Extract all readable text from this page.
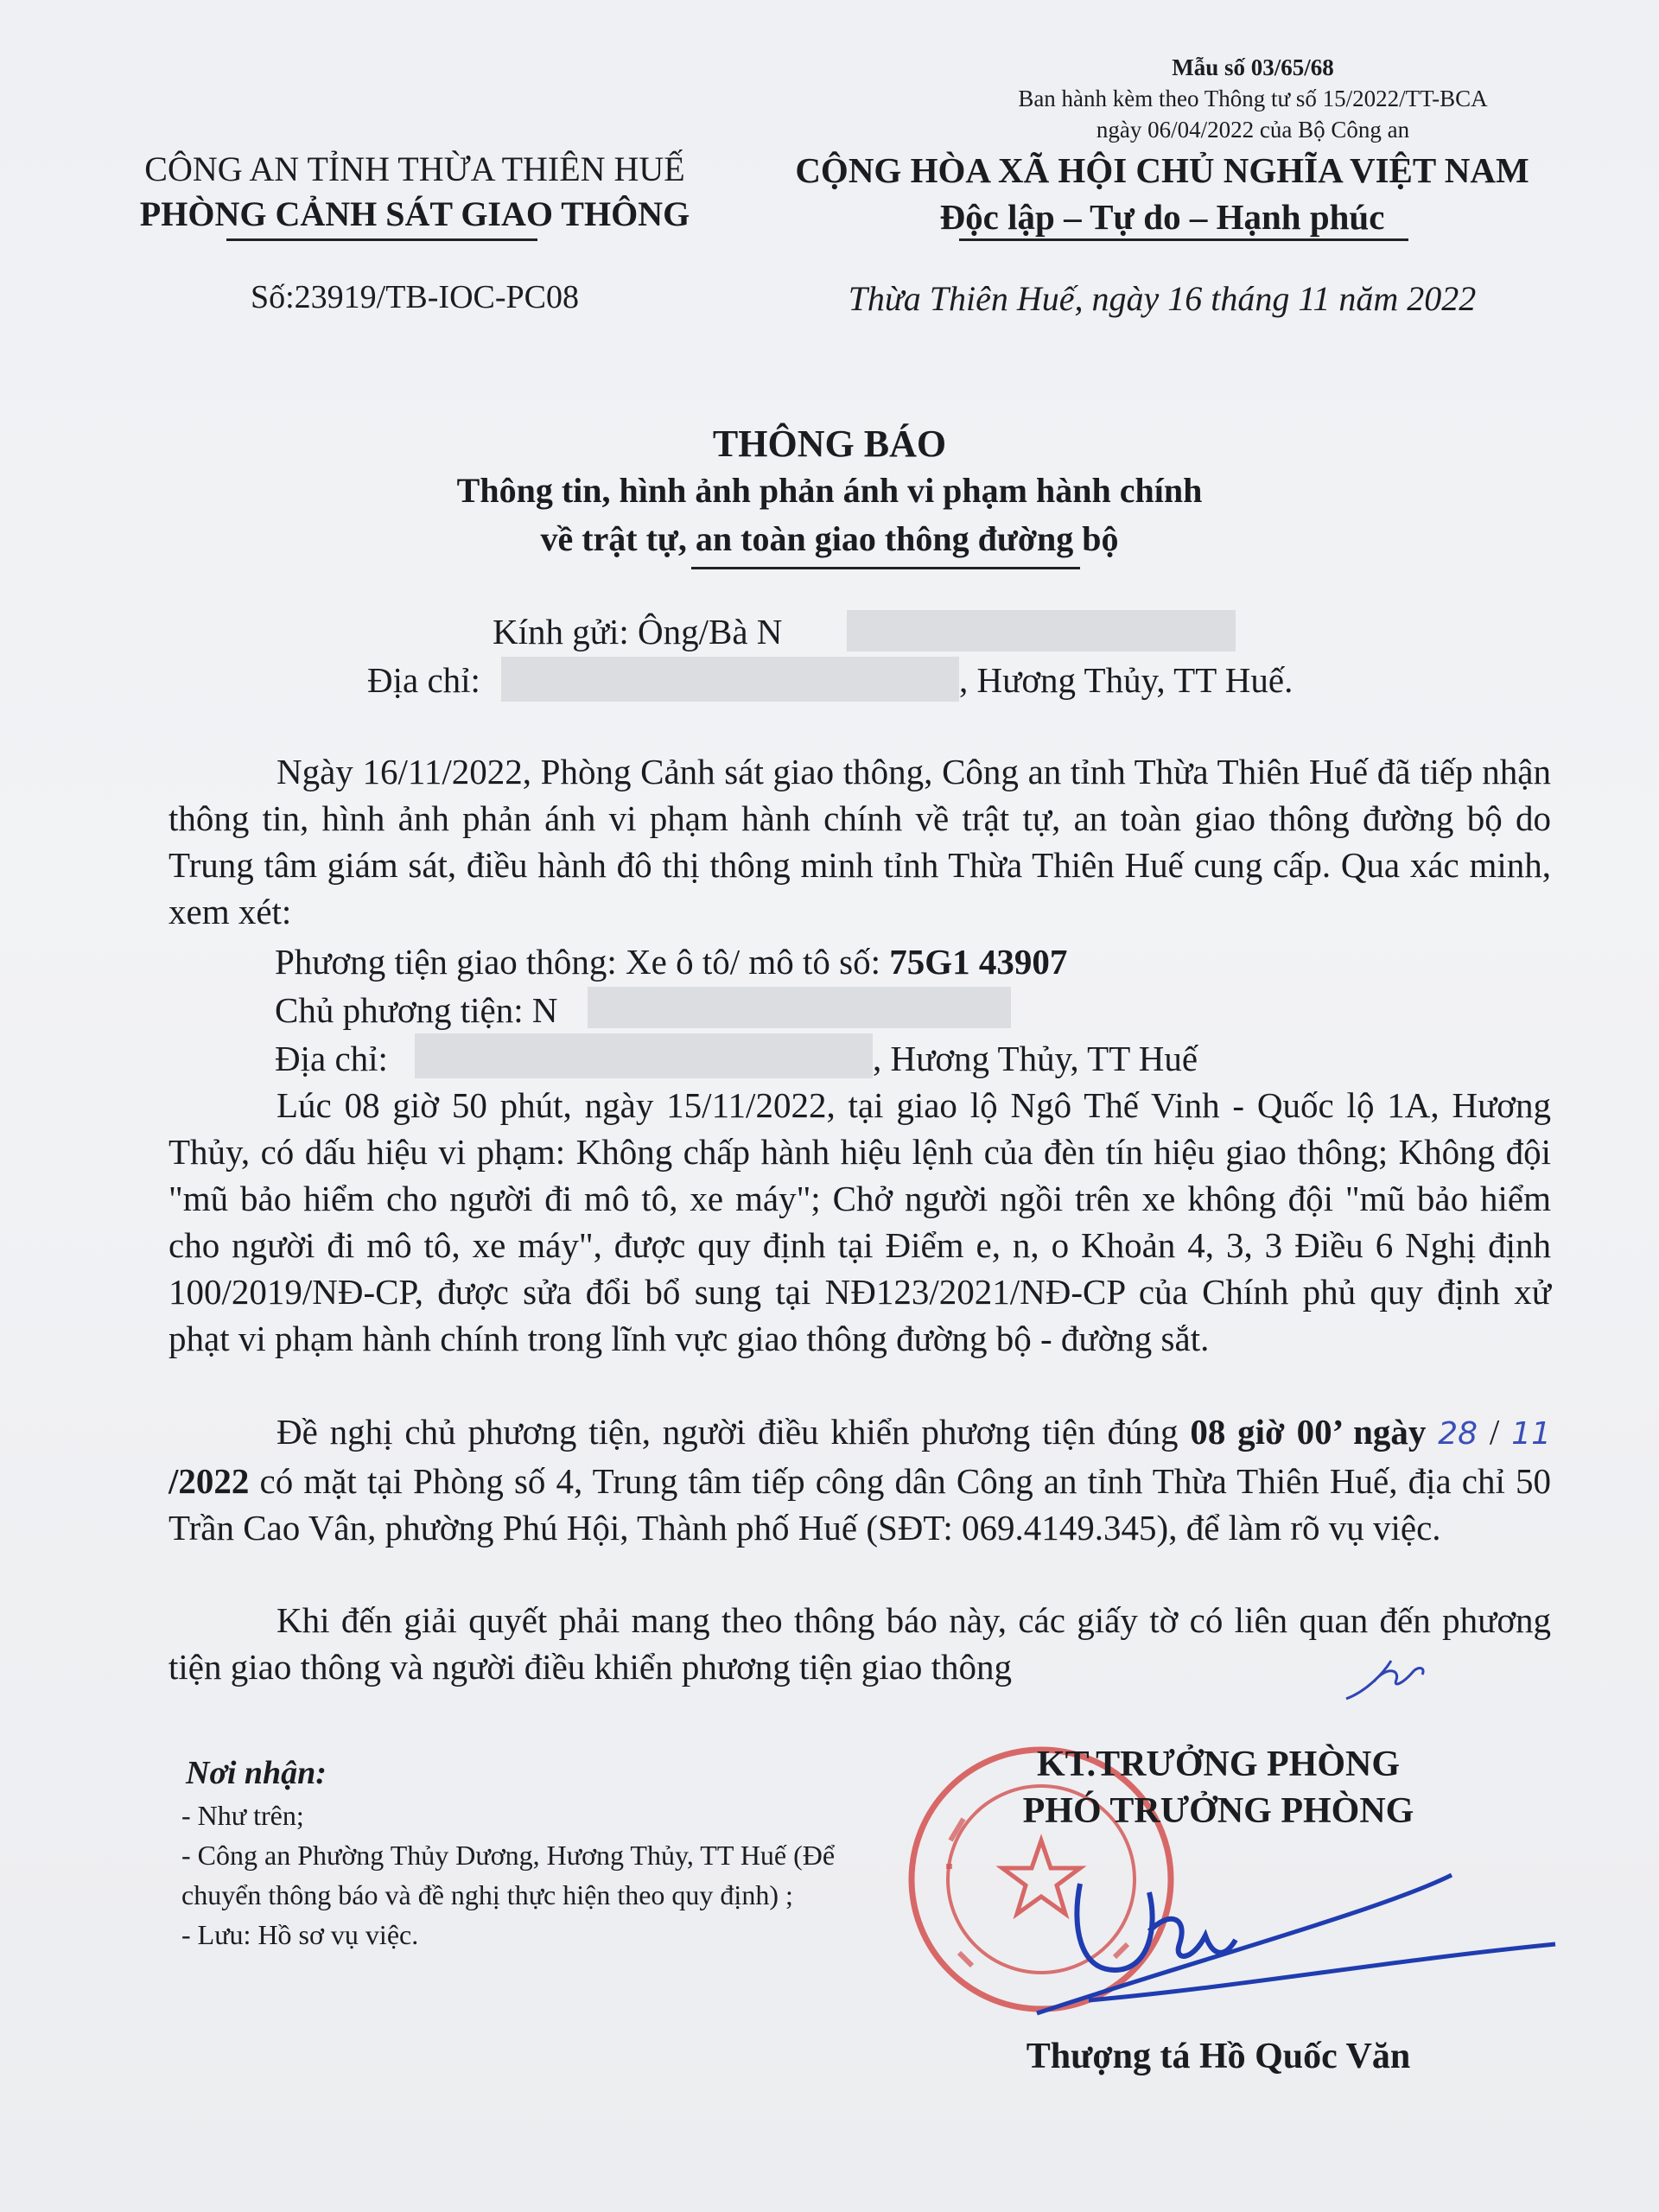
Mẫu số 03/65/68
Ban hành kèm theo Thông tư số 15/2022/TT-BCA
ngày 06/04/2022 của Bộ Công an
CÔNG AN TỈNH THỪA THIÊN HUẾ
PHÒNG CẢNH SÁT GIAO THÔNG
CỘNG HÒA XÃ HỘI CHỦ NGHĨA VIỆT NAM
Độc lập – Tự do – Hạnh phúc
Số:23919/TB-IOC-PC08	Thừa Thiên Huế, ngày 16 tháng 11 năm 2022
THÔNG BÁO
Thông tin, hình ảnh phản ánh vi phạm hành chính
về trật tự, an toàn giao thông đường bộ
Kính gửi: Ông/Bà N
Địa chỉ:	, Hương Thủy, TT Huế.
Ngày 16/11/2022, Phòng Cảnh sát giao thông, Công an tỉnh Thừa Thiên Huế đã tiếp nhận thông tin, hình ảnh phản ánh vi phạm hành chính về trật tự, an toàn giao thông đường bộ do Trung tâm giám sát, điều hành đô thị thông minh tỉnh Thừa Thiên Huế cung cấp. Qua xác minh, xem xét:
Phương tiện giao thông: Xe ô tô/ mô tô số: 75G1 43907
Chủ phương tiện: N
Địa chỉ:	, Hương Thủy, TT Huế
Lúc 08 giờ 50 phút, ngày 15/11/2022, tại giao lộ Ngô Thế Vinh - Quốc lộ 1A, Hương Thủy, có dấu hiệu vi phạm: Không chấp hành hiệu lệnh của đèn tín hiệu giao thông; Không đội "mũ bảo hiểm cho người đi mô tô, xe máy"; Chở người ngồi trên xe không đội "mũ bảo hiểm cho người đi mô tô, xe máy", được quy định tại Điểm e, n, o Khoản 4, 3, 3 Điều 6 Nghị định 100/2019/NĐ-CP, được sửa đổi bổ sung tại NĐ123/2021/NĐ-CP của Chính phủ quy định xử phạt vi phạm hành chính trong lĩnh vực giao thông đường bộ - đường sắt.
Đề nghị chủ phương tiện, người điều khiển phương tiện đúng 08 giờ 00’ ngày 28 / 11 /2022 có mặt tại Phòng số 4, Trung tâm tiếp công dân Công an tỉnh Thừa Thiên Huế, địa chỉ 50 Trần Cao Vân, phường Phú Hội, Thành phố Huế (SĐT: 069.4149.345), để làm rõ vụ việc.
Khi đến giải quyết phải mang theo thông báo này, các giấy tờ có liên quan đến phương tiện giao thông và người điều khiển phương tiện giao thông
Nơi nhận:
- Như trên;
- Công an Phường Thủy Dương, Hương Thủy, TT Huế (Để chuyển thông báo và đề nghị thực hiện theo quy định) ;
- Lưu: Hồ sơ vụ việc.
KT.TRƯỞNG PHÒNG
PHÓ TRƯỞNG PHÒNG
Thượng tá Hồ Quốc Văn
